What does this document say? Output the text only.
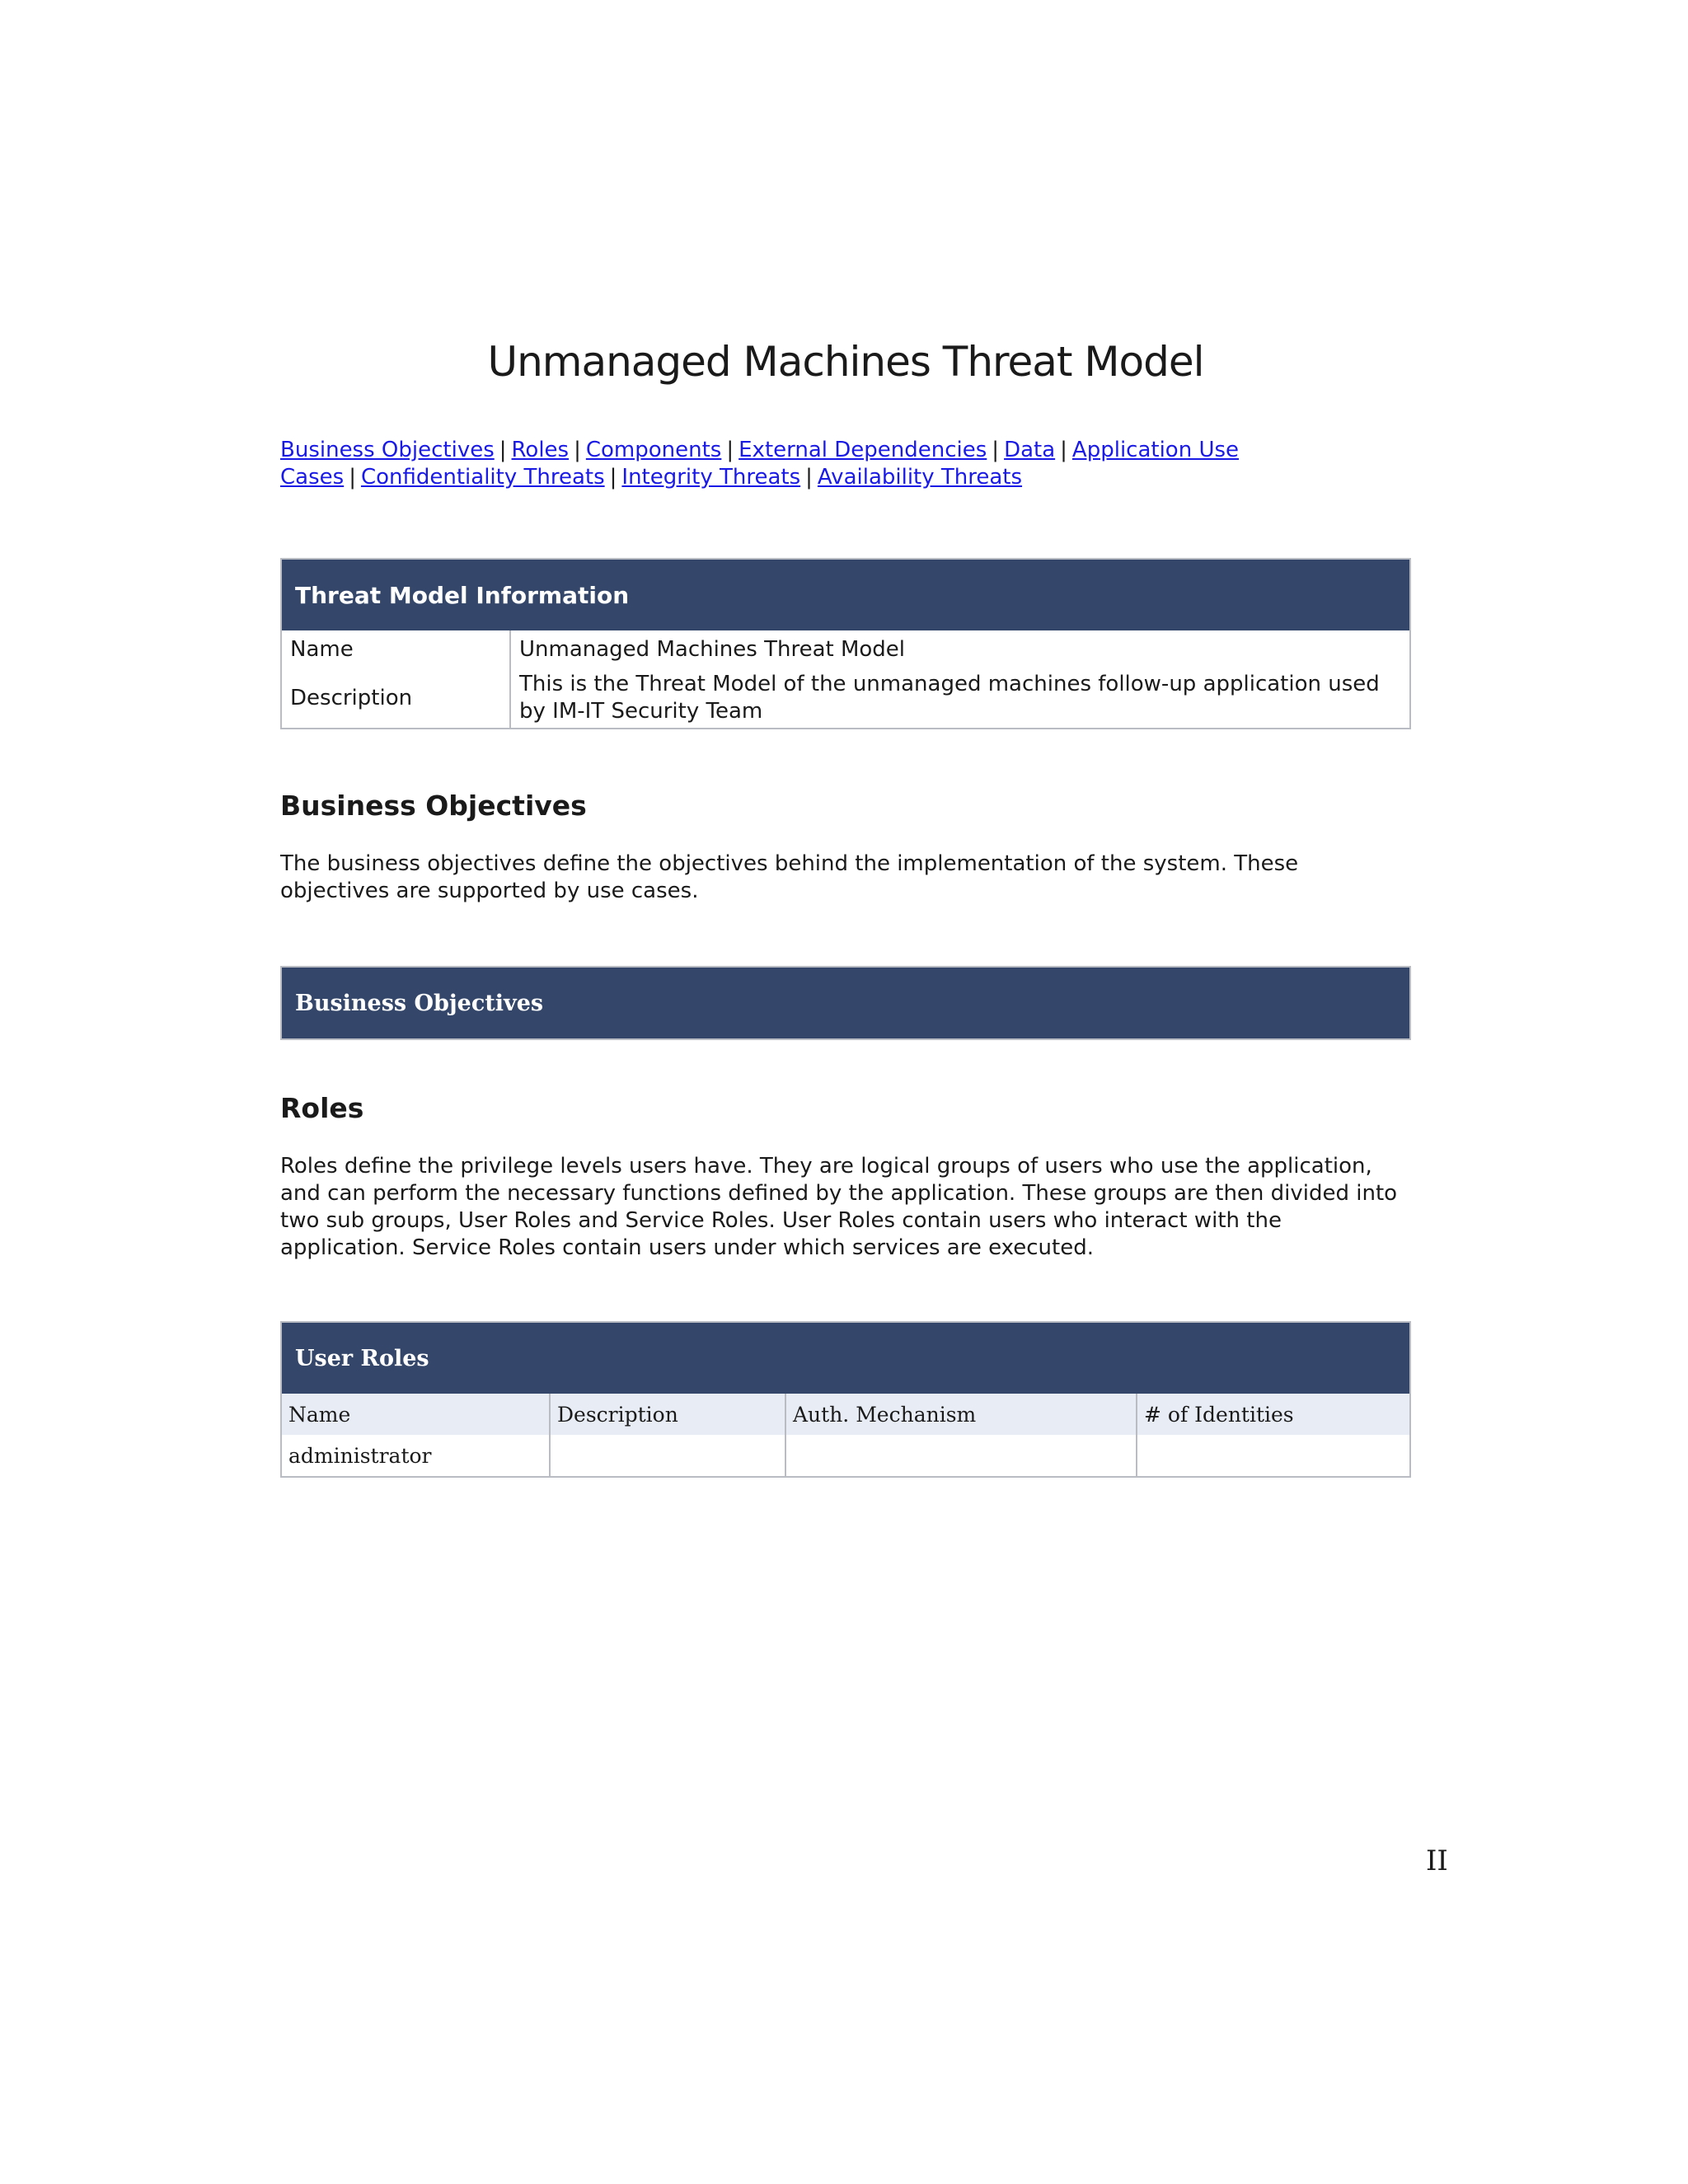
Unmanaged Machines Threat Model
Business Objectives | Roles | Components | External Dependencies | Data | Application Use Cases | Confidentiality Threats | Integrity Threats | Availability Threats
Threat Model Information	
Name	Unmanaged Machines Threat Model
Description	This is the Threat Model of the unmanaged machines follow-up application used by IM-IT Security Team
Business Objectives

The business objectives define the objectives behind the implementation of the system. These objectives are supported by use cases.

Business Objectives
Roles

Roles define the privilege levels users have. They are logical groups of users who use the application, and can perform the necessary functions defined by the application. These groups are then divided into two sub groups, User Roles and Service Roles. User Roles contain users who interact with the application. Service Roles contain users under which services are executed.

User Roles			
Name	Description	Auth. Mechanism	# of Identities
administrator			
II
